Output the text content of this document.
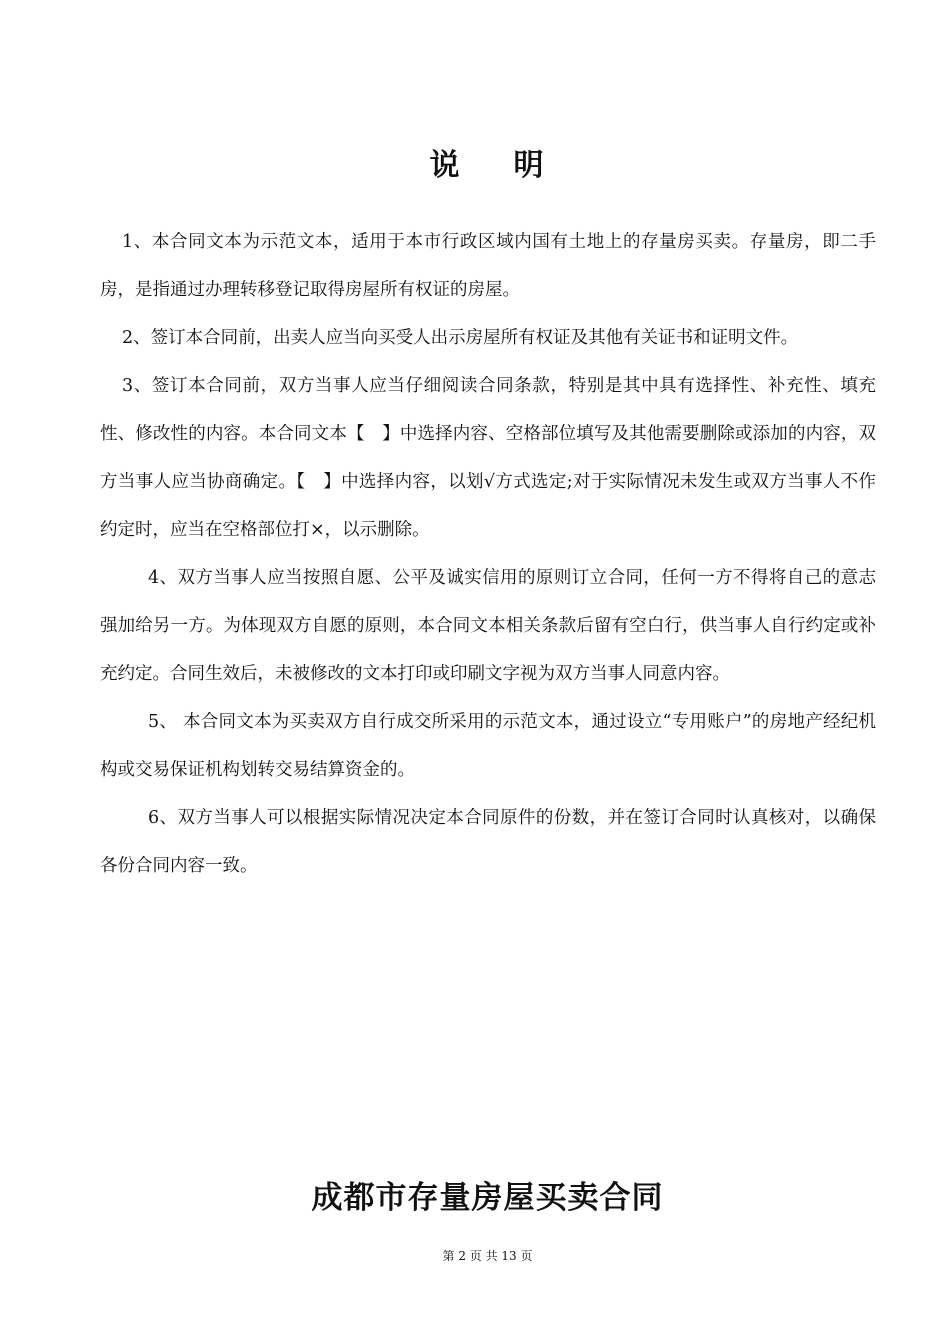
说 明

1、本合同文本为示范文本，适用于本市行政区域内国有土地上的存量房买卖。存量房，即二手房，是指通过办理转移登记取得房屋所有权证的房屋。

2、签订本合同前，出卖人应当向买受人出示房屋所有权证及其他有关证书和证明文件。

3、签订本合同前，双方当事人应当仔细阅读合同条款，特别是其中具有选择性、补充性、填充性、修改性的内容。本合同文本【　】中选择内容、空格部位填写及其他需要删除或添加的内容，双方当事人应当协商确定。【　】中选择内容，以划√方式选定;对于实际情况未发生或双方当事人不作约定时，应当在空格部位打×，以示删除。

4、双方当事人应当按照自愿、公平及诚实信用的原则订立合同，任何一方不得将自己的意志强加给另一方。为体现双方自愿的原则，本合同文本相关条款后留有空白行，供当事人自行约定或补充约定。合同生效后，未被修改的文本打印或印刷文字视为双方当事人同意内容。

5、 本合同文本为买卖双方自行成交所采用的示范文本，通过设立“专用账户”的房地产经纪机构或交易保证机构划转交易结算资金的。

6、双方当事人可以根据实际情况决定本合同原件的份数，并在签订合同时认真核对，以确保各份合同内容一致。

成都市存量房屋买卖合同
第 2 页 共 13 页
